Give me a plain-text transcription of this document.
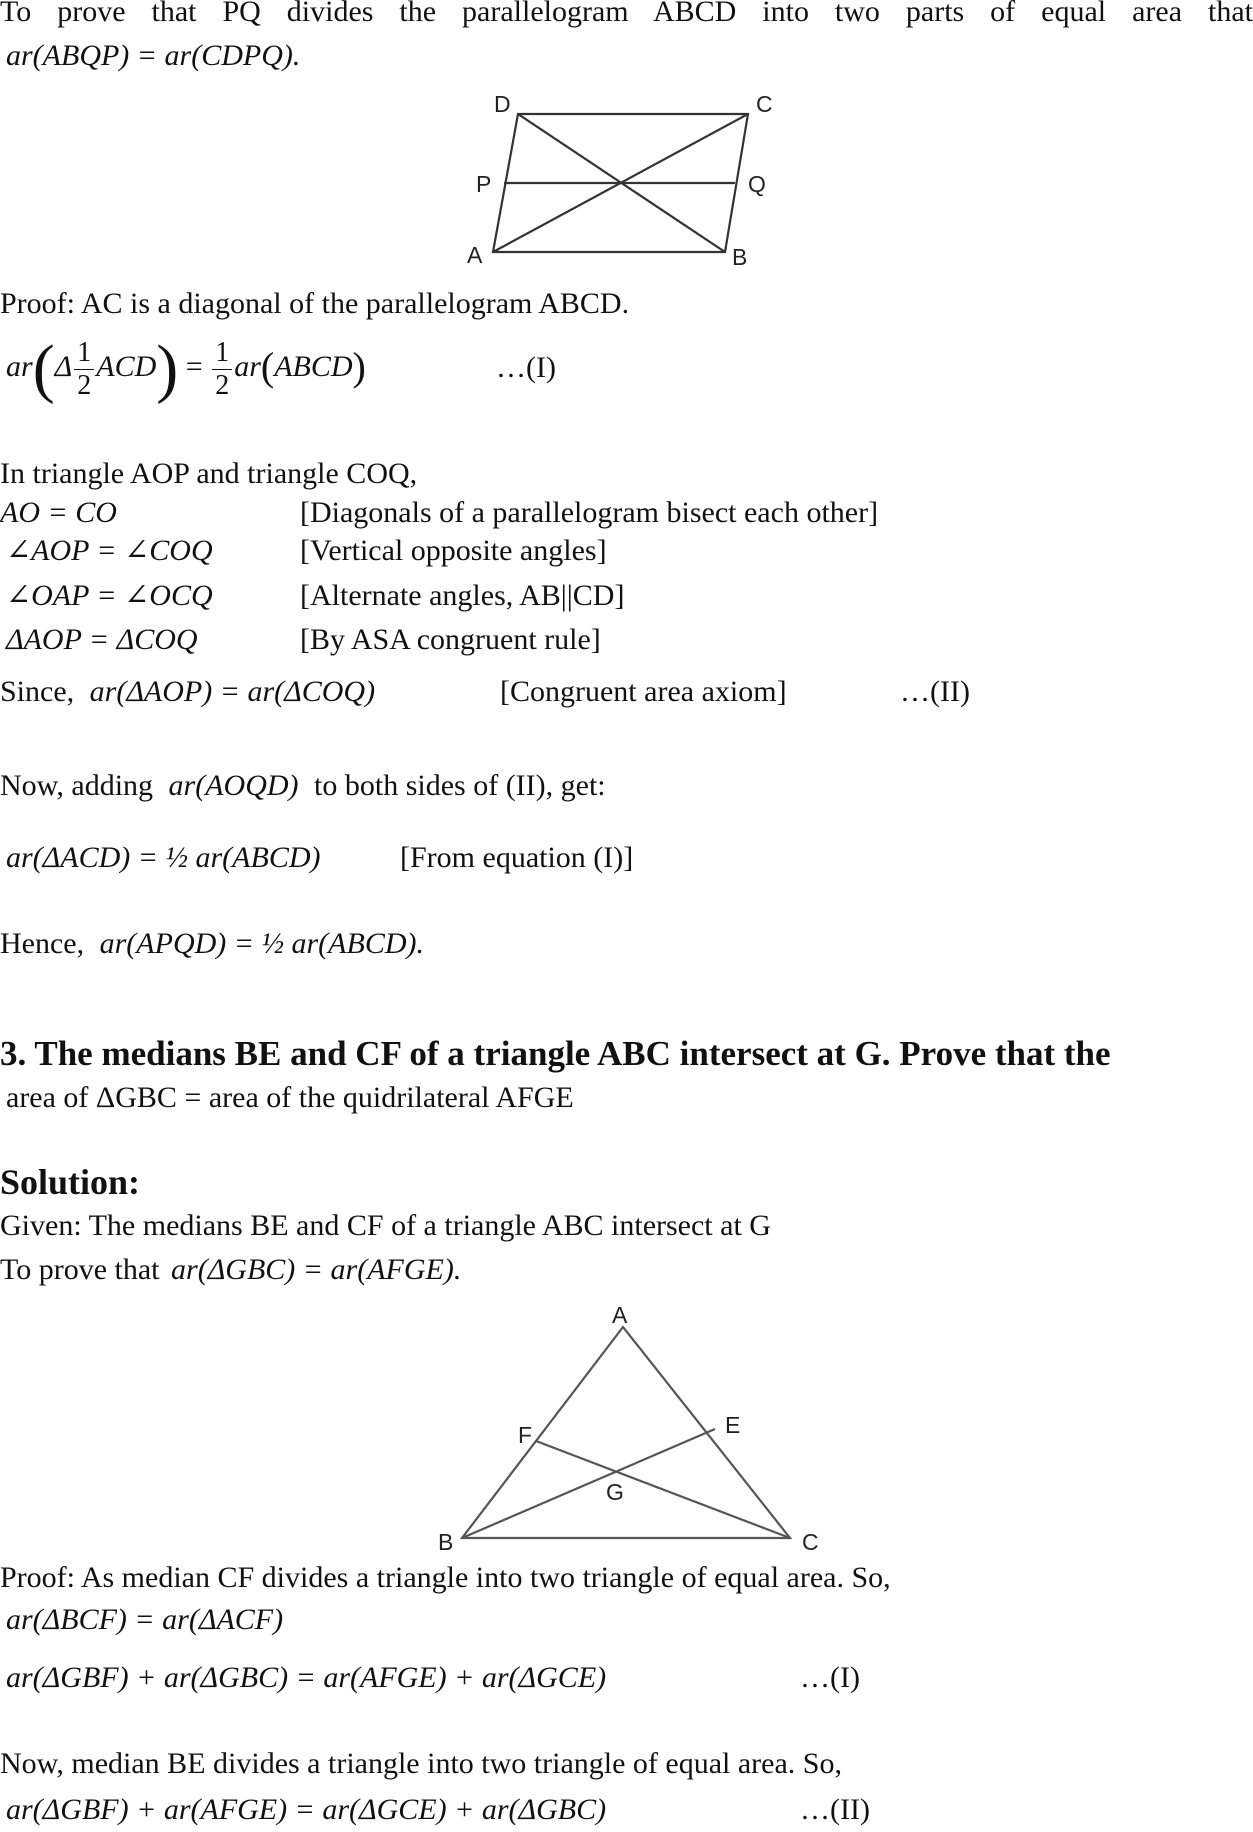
To prove that PQ divides the parallelogram ABCD into two parts of equal area that
ar(ABQP) = ar(CDPQ).
D	C
P	Q
A	B
Proof: AC is a diagonal of the parallelogram ABCD.
$ar(\Delta \frac{1}{2} ACD) = \frac{1}{2}$ ar(ABCD)	…(I)
In triangle AOP and triangle COQ,
AO = CO	[Diagonals of a parallelogram bisect each other]
∠AOP = ∠COQ	[Vertical opposite angles]
∠OAP = ∠OCQ	[Alternate angles, AB||CD]
ΔAOP = ΔCOQ	[By ASA congruent rule]
Since, ar(ΔAOP) = ar(ΔCOQ)	[Congruent area axiom]	…(II)
Now, adding ar(AOQD) to both sides of (II), get:
ar(ΔACD) = ½ ar(ABCD)	[From equation (I)]
Hence, ar(APQD) = ½ ar(ABCD).
3. The medians BE and CF of a triangle ABC intersect at G. Prove that the
area of ΔGBC = area of the quidrilateral AFGE
Solution:
Given: The medians BE and CF of a triangle ABC intersect at G
To prove that ar(ΔGBC) = ar(AFGE).
A
F	E
G
B	C
Proof: As median CF divides a triangle into two triangle of equal area. So,
ar(ΔBCF) = ar(ΔACF)
ar(ΔGBF) + ar(ΔGBC) = ar(AFGE) + ar(ΔGCE)	…(I)
Now, median BE divides a triangle into two triangle of equal area. So,
ar(ΔGBF) + ar(AFGE) = ar(ΔGCE) + ar(ΔGBC)	…(II)
